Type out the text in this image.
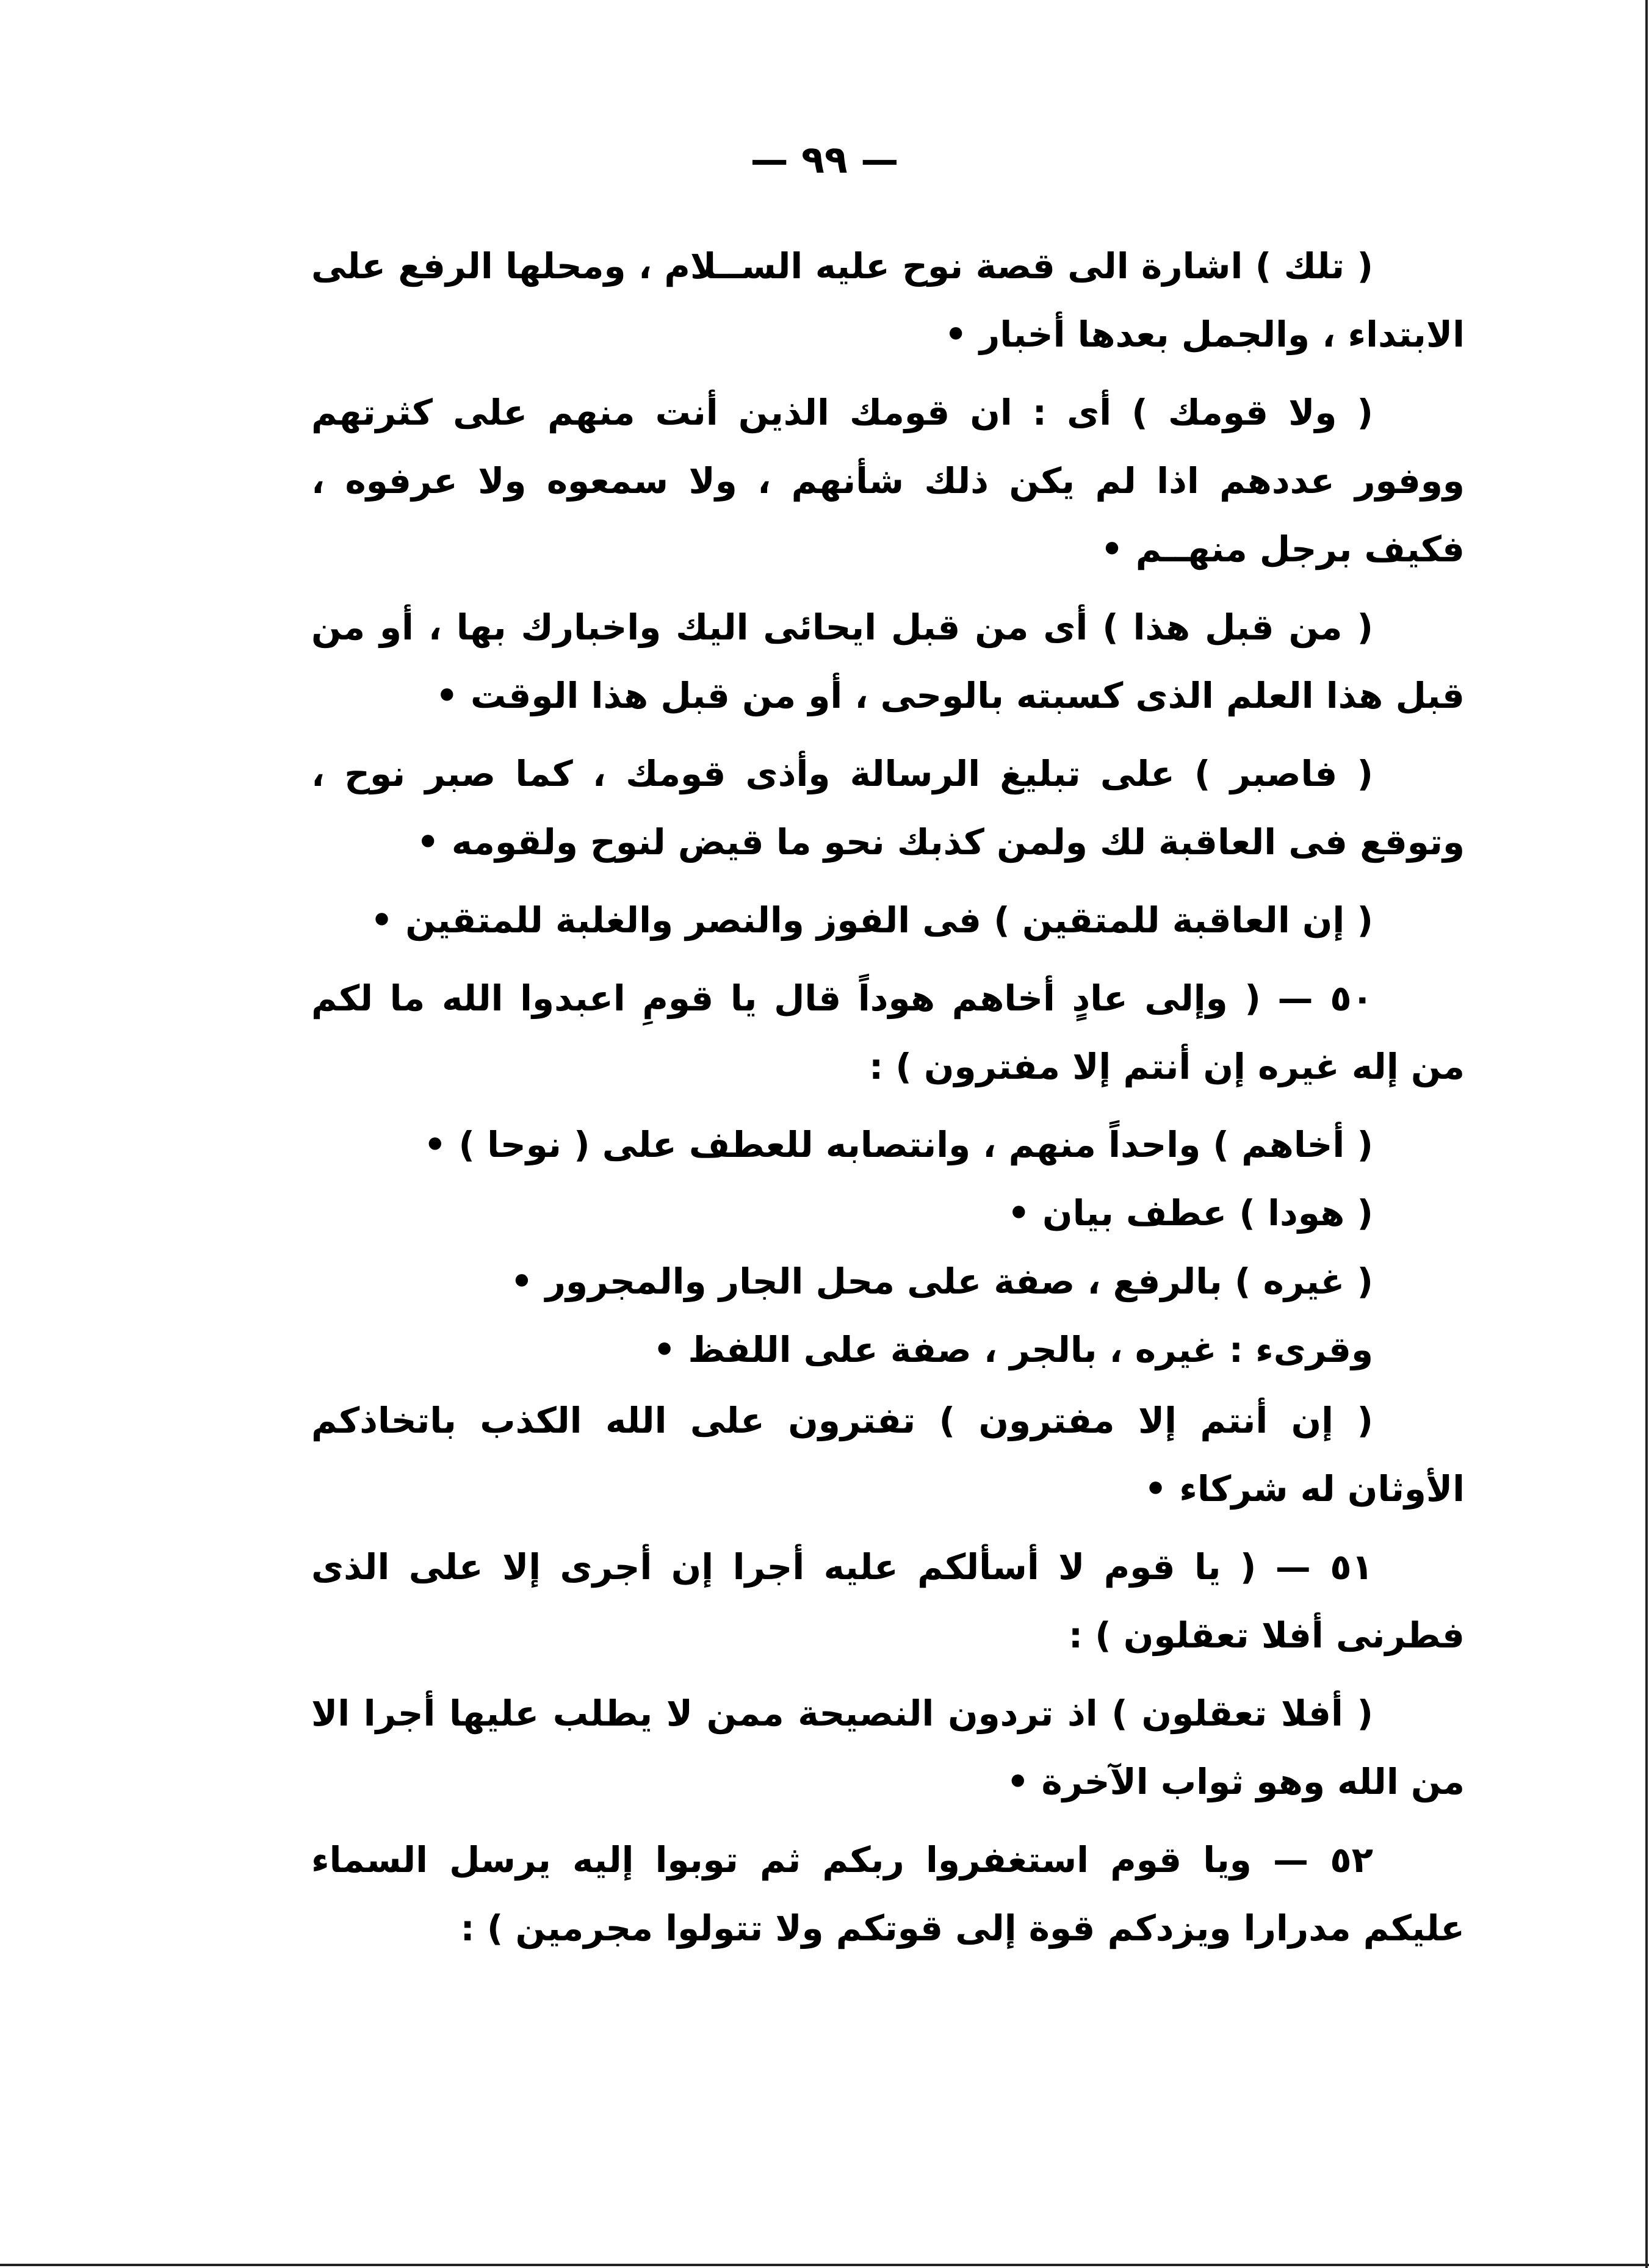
— ٩٩ —

( تلك ) اشارة الى قصة نوح عليه الســلام ، ومحلها الرفع على الابتداء ، والجمل بعدها أخبار •

( ولا قومك ) أى : ان قومك الذين أنت منهم على كثرتهم ووفور عددهم اذا لم يكن ذلك شأنهم ، ولا سمعوه ولا عرفوه ، فكيف برجل منهــم •

( من قبل هذا ) أى من قبل ايحائى اليك واخبارك بها ، أو من قبل هذا العلم الذى كسبته بالوحى ، أو من قبل هذا الوقت •

( فاصبر ) على تبليغ الرسالة وأذى قومك ، كما صبر نوح ، وتوقع فى العاقبة لك ولمن كذبك نحو ما قيض لنوح ولقومه •

( إن العاقبة للمتقين ) فى الفوز والنصر والغلبة للمتقين •

٥٠ — ( وإلى عادٍ أخاهم هوداً قال يا قومِ اعبدوا الله ما لكم من إله غيره إن أنتم إلا مفترون ) :

( أخاهم ) واحداً منهم ، وانتصابه للعطف على ( نوحا ) •

( هودا ) عطف بيان •

( غيره ) بالرفع ، صفة على محل الجار والمجرور •

وقرىء : غيره ، بالجر ، صفة على اللفظ •

( إن أنتم إلا مفترون ) تفترون على الله الكذب باتخاذكم الأوثان له شركاء •

٥١ — ( يا قوم لا أسألكم عليه أجرا إن أجرى إلا على الذى فطرنى أفلا تعقلون ) :

( أفلا تعقلون ) اذ تردون النصيحة ممن لا يطلب عليها أجرا الا من الله وهو ثواب الآخرة •

٥٢ — ويا قوم استغفروا ربكم ثم توبوا إليه يرسل السماء عليكم مدرارا ويزدكم قوة إلى قوتكم ولا تتولوا مجرمين ) :
